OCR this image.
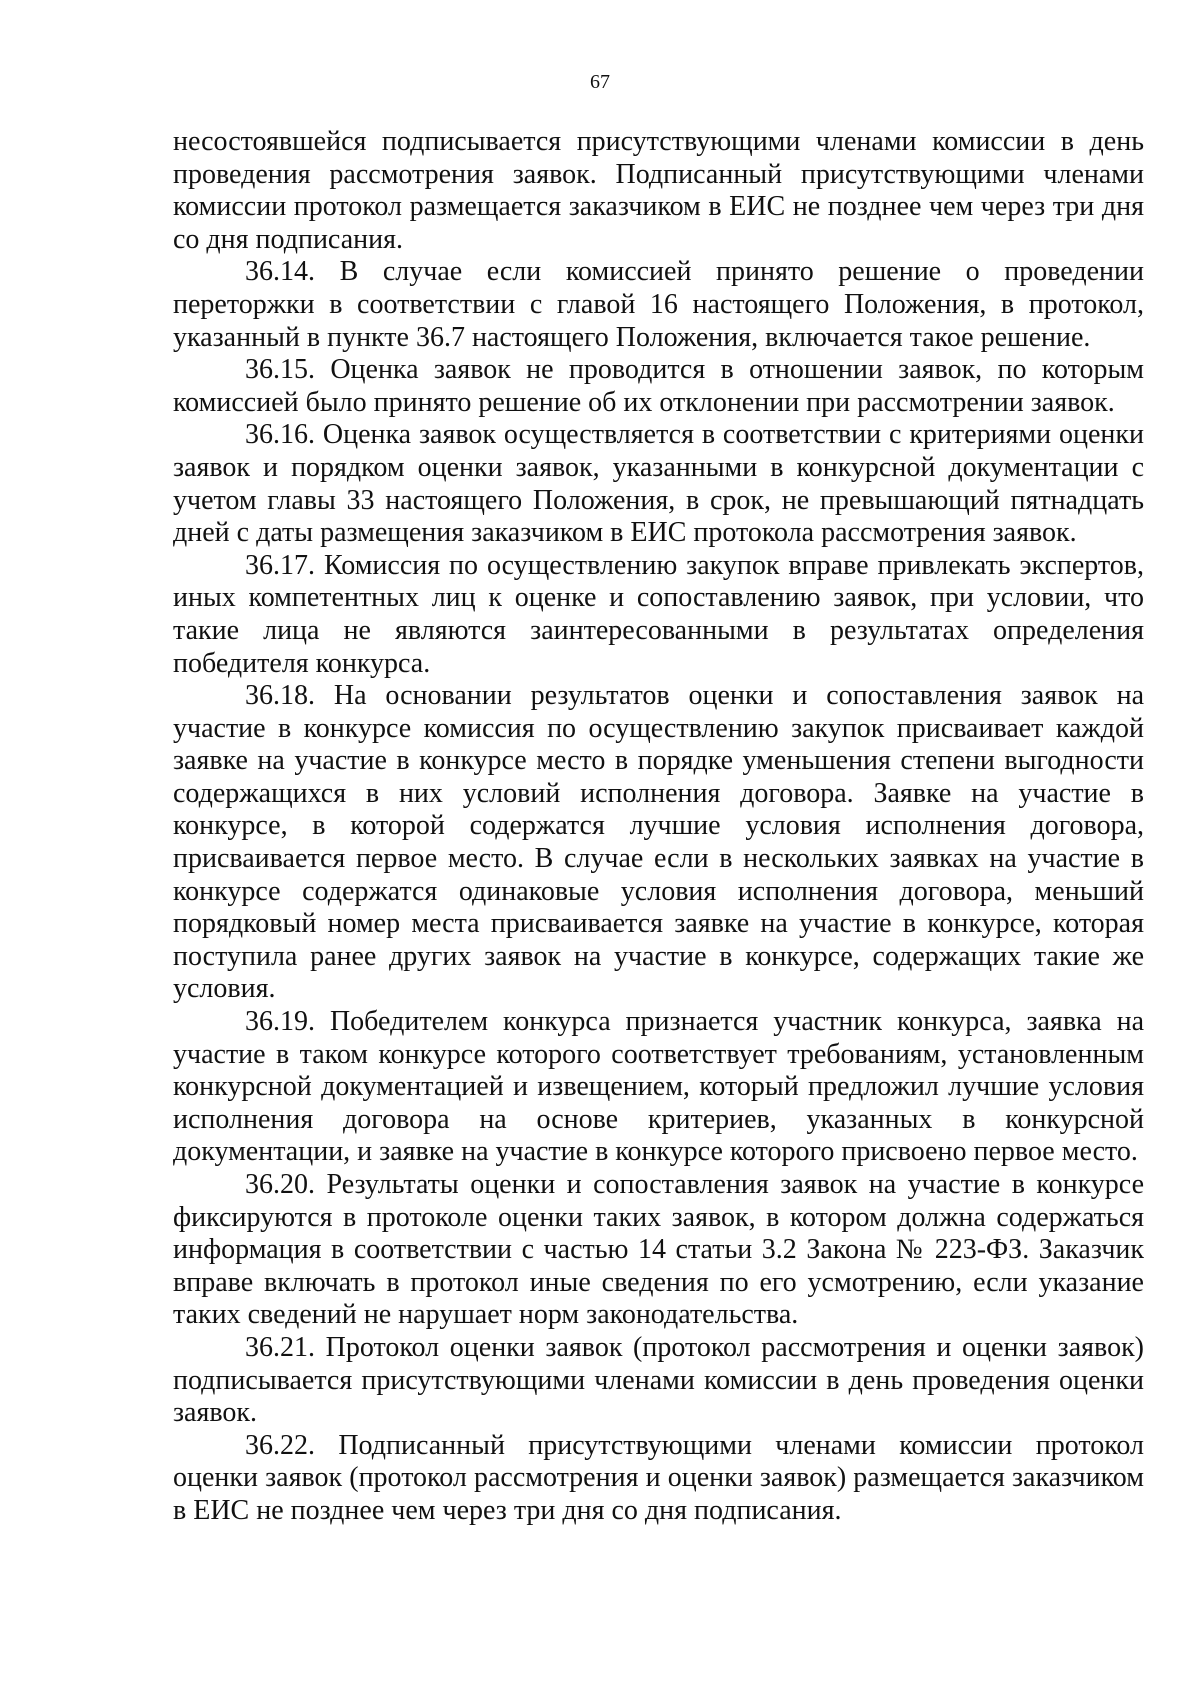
67

несостоявшейся подписывается присутствующими членами комиссии в день проведения рассмотрения заявок. Подписанный присутствующими членами комиссии протокол размещается заказчиком в ЕИС не позднее чем через три дня со дня подписания.

36.14. В случае если комиссией принято решение о проведении переторжки в соответствии с главой 16 настоящего Положения, в протокол, указанный в пункте 36.7 настоящего Положения, включается такое решение.

36.15. Оценка заявок не проводится в отношении заявок, по которым комиссией было принято решение об их отклонении при рассмотрении заявок.

36.16. Оценка заявок осуществляется в соответствии с критериями оценки заявок и порядком оценки заявок, указанными в конкурсной документации с учетом главы 33 настоящего Положения, в срок, не превышающий пятнадцать дней с даты размещения заказчиком в ЕИС протокола рассмотрения заявок.

36.17. Комиссия по осуществлению закупок вправе привлекать экспертов, иных компетентных лиц к оценке и сопоставлению заявок, при условии, что такие лица не являются заинтересованными в результатах определения победителя конкурса.

36.18. На основании результатов оценки и сопоставления заявок на участие в конкурсе комиссия по осуществлению закупок присваивает каждой заявке на участие в конкурсе место в порядке уменьшения степени выгодности содержащихся в них условий исполнения договора. Заявке на участие в конкурсе, в которой содержатся лучшие условия исполнения договора, присваивается первое место. В случае если в нескольких заявках на участие в конкурсе содержатся одинаковые условия исполнения договора, меньший порядковый номер места присваивается заявке на участие в конкурсе, которая поступила ранее других заявок на участие в конкурсе, содержащих такие же условия.

36.19. Победителем конкурса признается участник конкурса, заявка на участие в таком конкурсе которого соответствует требованиям, установленным конкурсной документацией и извещением, который предложил лучшие условия исполнения договора на основе критериев, указанных в конкурсной документации, и заявке на участие в конкурсе которого присвоено первое место.

36.20. Результаты оценки и сопоставления заявок на участие в конкурсе фиксируются в протоколе оценки таких заявок, в котором должна содержаться информация в соответствии с частью 14 статьи 3.2 Закона № 223-ФЗ. Заказчик вправе включать в протокол иные сведения по его усмотрению, если указание таких сведений не нарушает норм законодательства.

36.21. Протокол оценки заявок (протокол рассмотрения и оценки заявок) подписывается присутствующими членами комиссии в день проведения оценки заявок.

36.22. Подписанный присутствующими членами комиссии протокол оценки заявок (протокол рассмотрения и оценки заявок) размещается заказчиком в ЕИС не позднее чем через три дня со дня подписания.
